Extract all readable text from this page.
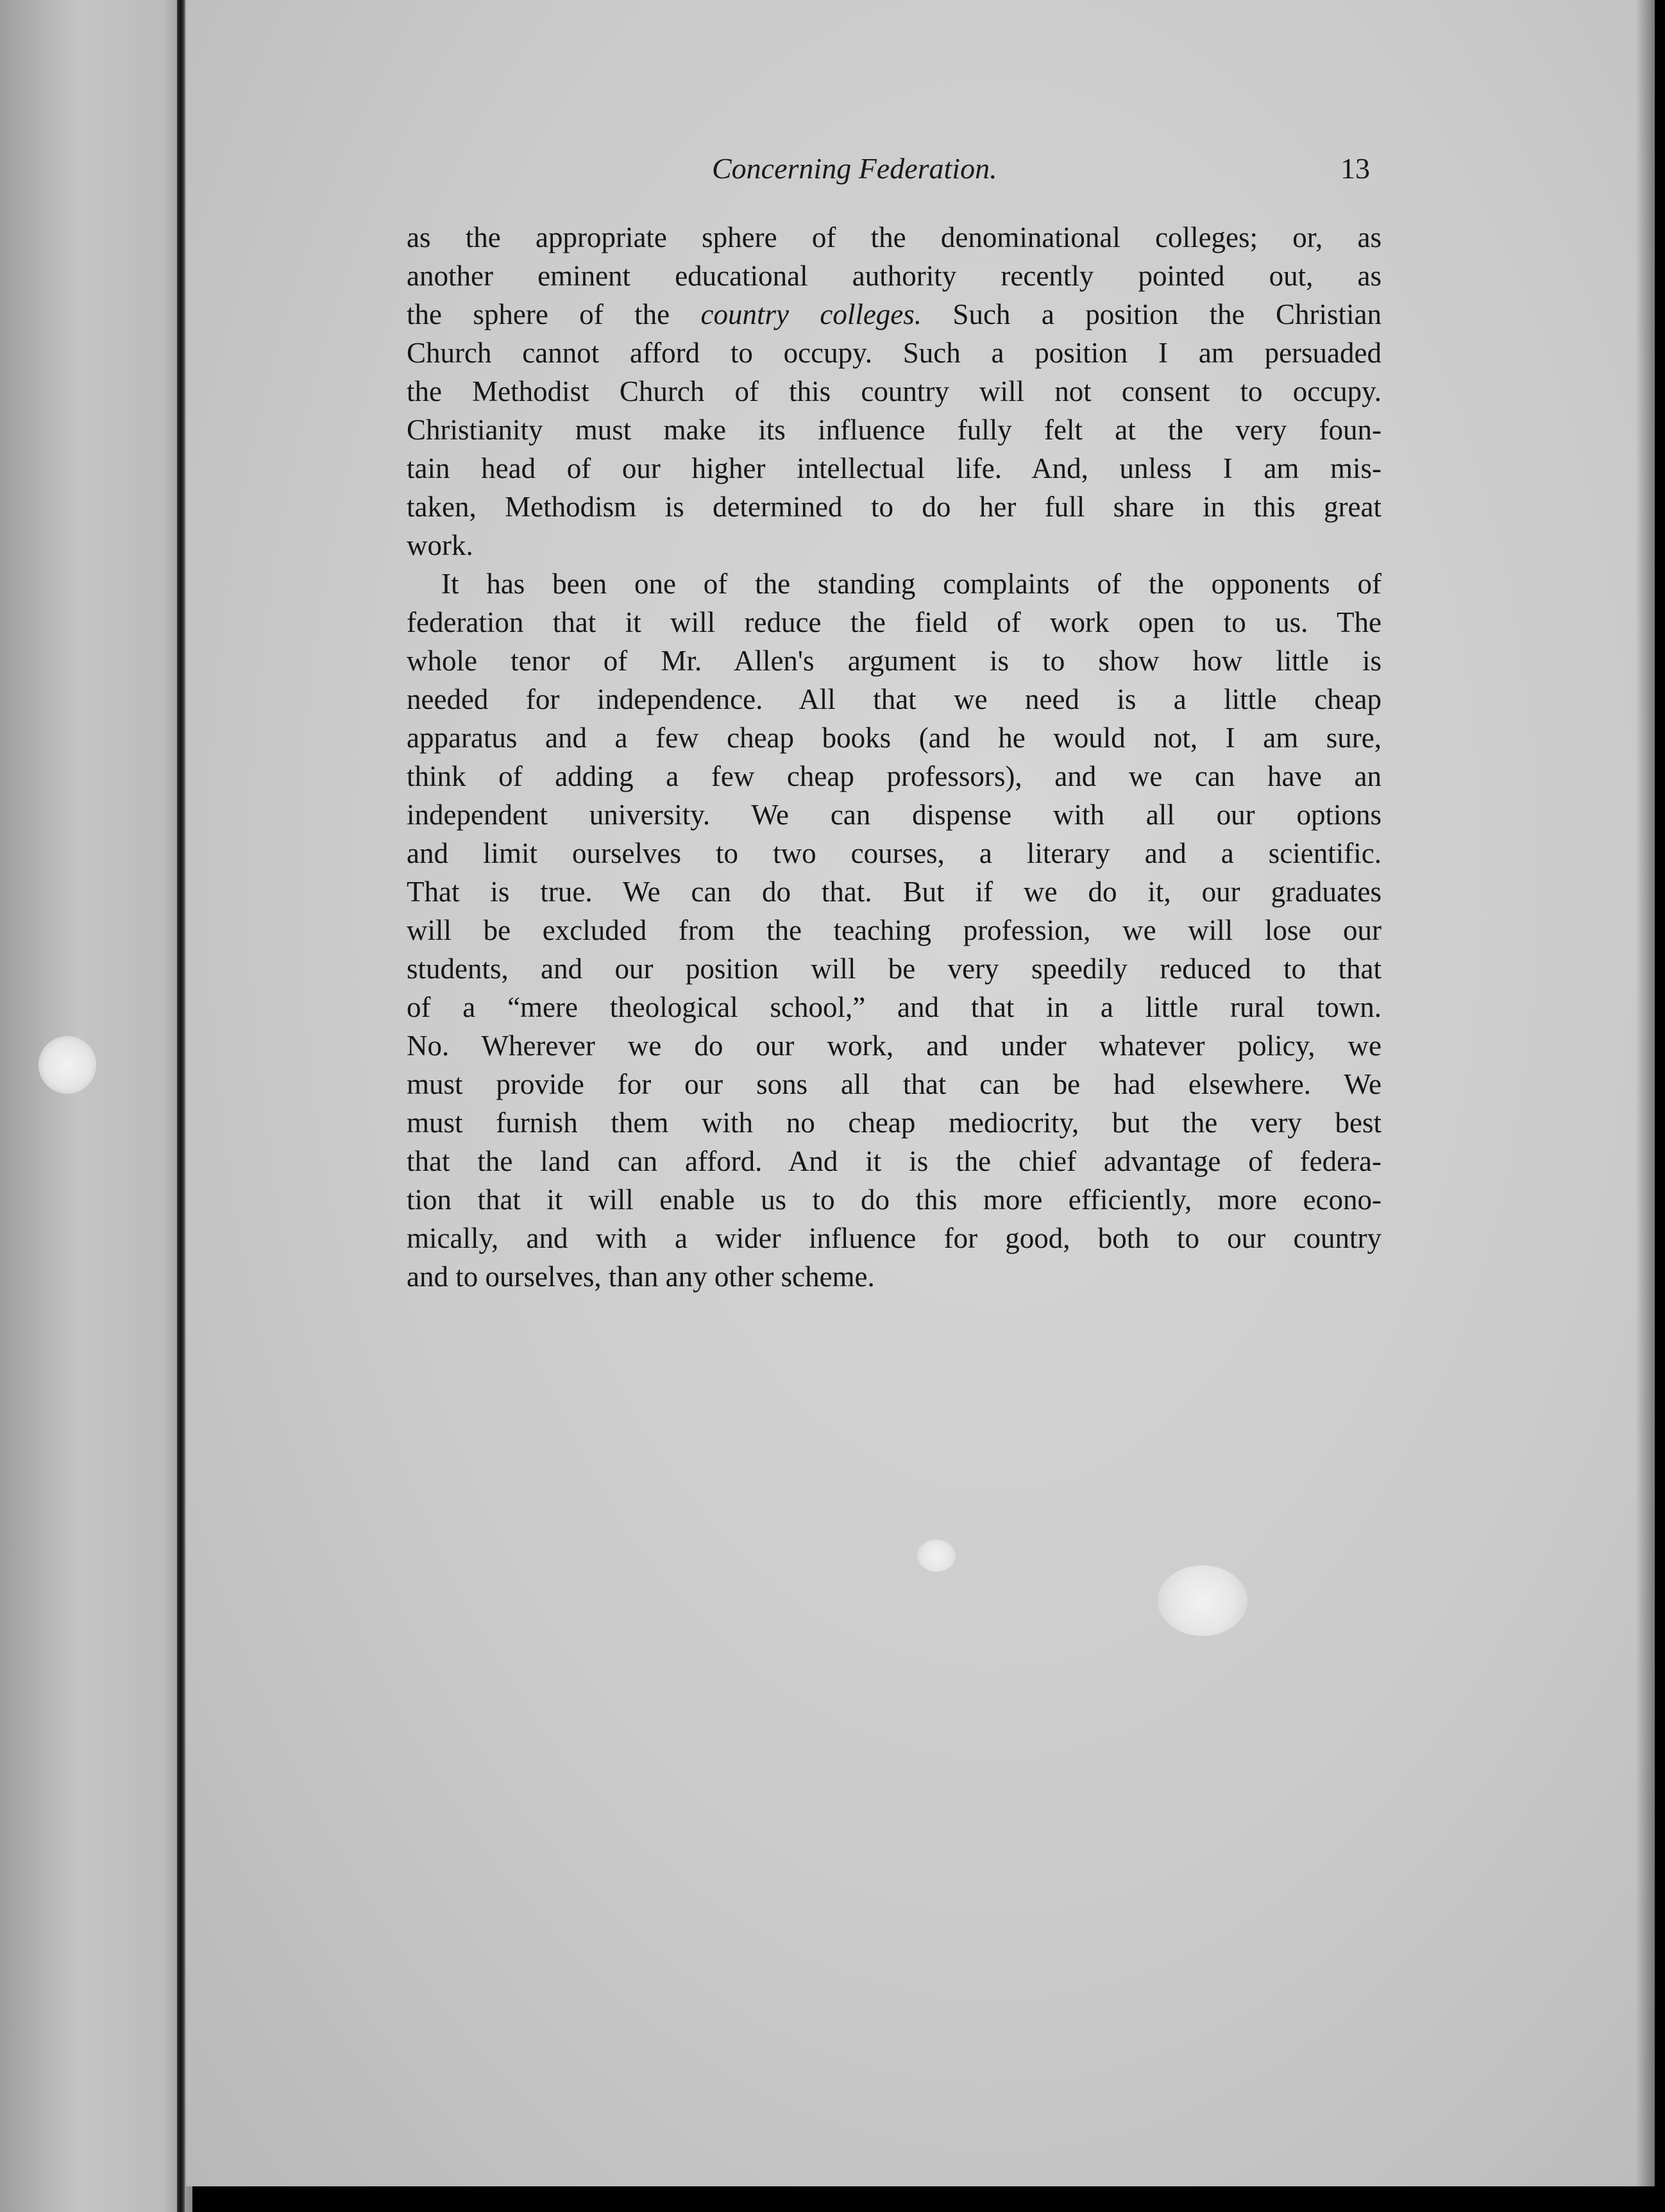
Concerning Federation.	13
as the appropriate sphere of the denominational colleges; or, as
another eminent educational authority recently pointed out, as
the sphere of the country colleges. Such a position the Christian
Church cannot afford to occupy. Such a position I am persuaded
the Methodist Church of this country will not consent to occupy.
Christianity must make its influence fully felt at the very foun-
tain head of our higher intellectual life. And, unless I am mis-
taken, Methodism is determined to do her full share in this great
work.
It has been one of the standing complaints of the opponents of
federation that it will reduce the field of work open to us. The
whole tenor of Mr. Allen's argument is to show how little is
needed for independence. All that we need is a little cheap
apparatus and a few cheap books (and he would not, I am sure,
think of adding a few cheap professors), and we can have an
independent university. We can dispense with all our options
and limit ourselves to two courses, a literary and a scientific.
That is true. We can do that. But if we do it, our graduates
will be excluded from the teaching profession, we will lose our
students, and our position will be very speedily reduced to that
of a “mere theological school,” and that in a little rural town.
No. Wherever we do our work, and under whatever policy, we
must provide for our sons all that can be had elsewhere. We
must furnish them with no cheap mediocrity, but the very best
that the land can afford. And it is the chief advantage of federa-
tion that it will enable us to do this more efficiently, more econo-
mically, and with a wider influence for good, both to our country
and to ourselves, than any other scheme.
